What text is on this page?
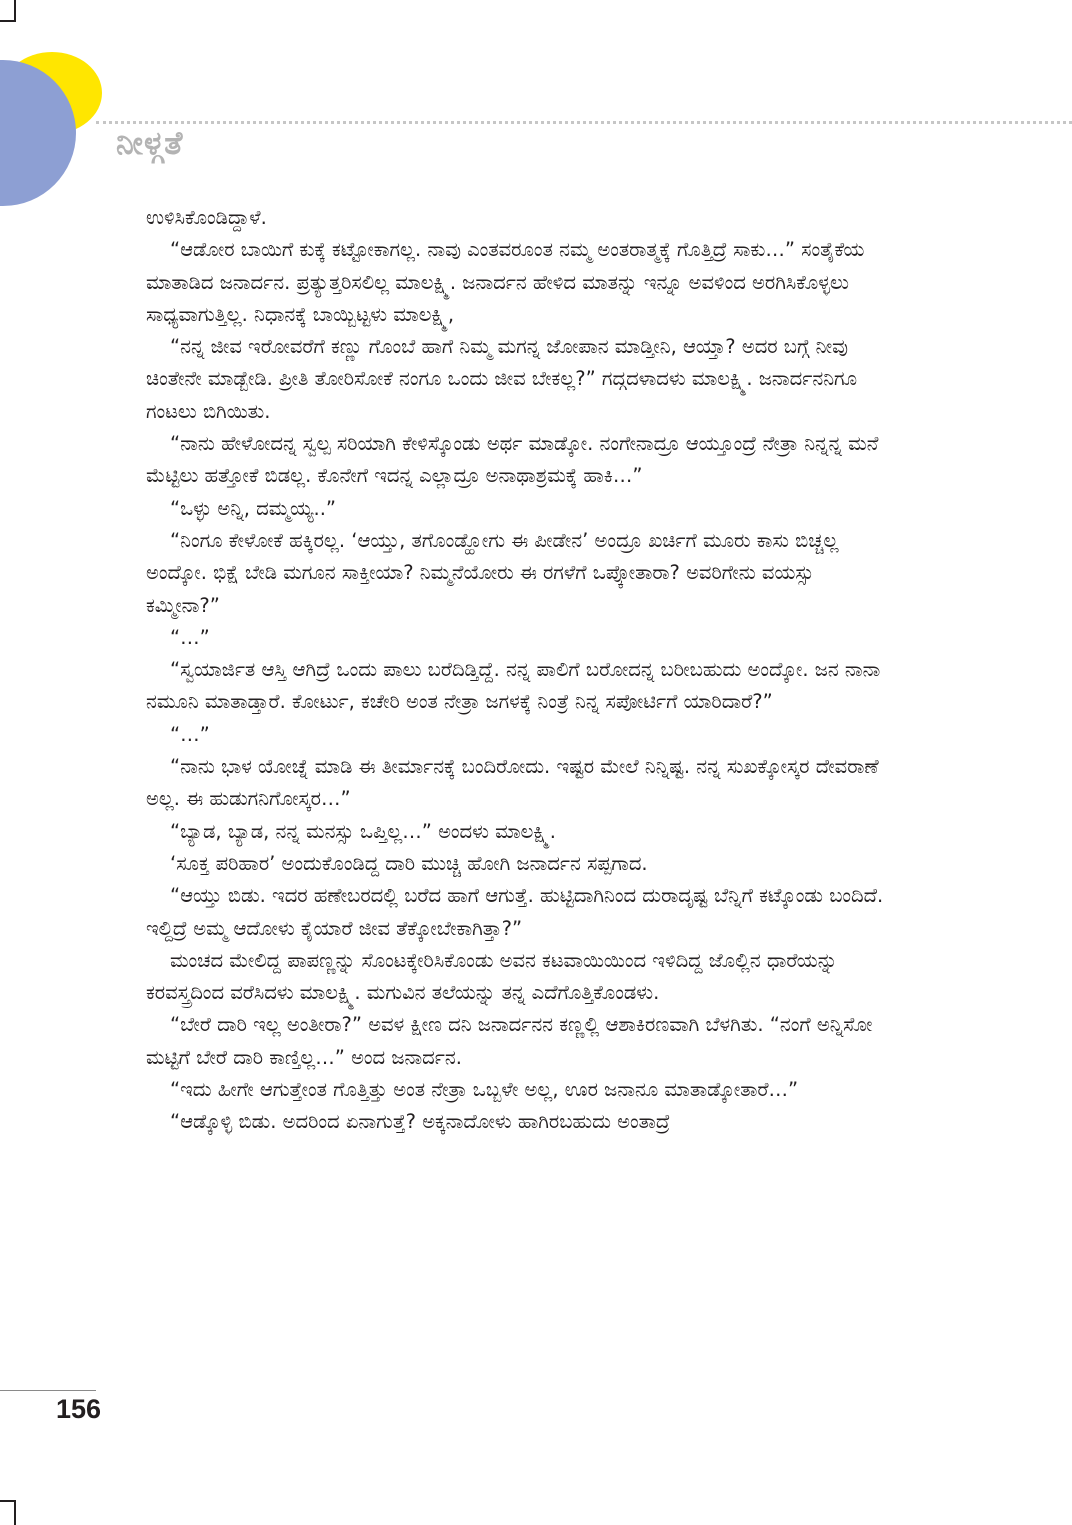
ನೀಳ್ಗತೆ

ಉಳಿಸಿಕೊಂಡಿದ್ದಾಳೆ.

“ಆಡೋರ ಬಾಯಿಗೆ ಕುಕ್ಕೆ ಕಟ್ಟೋಕಾಗಲ್ಲ. ನಾವು ಎಂತವರೂಂತ ನಮ್ಮ ಅಂತರಾತ್ಮಕ್ಕೆ ಗೊತ್ತಿದ್ರೆ ಸಾಕು…” ಸಂತೈಕೆಯ ಮಾತಾಡಿದ ಜನಾರ್ದನ. ಪ್ರತ್ಯುತ್ತರಿಸಲಿಲ್ಲ ಮಾಲಕ್ಷ್ಮಿ. ಜನಾರ್ದನ ಹೇಳಿದ ಮಾತನ್ನು ಇನ್ನೂ ಅವಳಿಂದ ಅರಗಿಸಿಕೊಳ್ಳಲು ಸಾಧ್ಯವಾಗುತ್ತಿಲ್ಲ. ನಿಧಾನಕ್ಕೆ ಬಾಯ್ಬಿಟ್ಟಳು ಮಾಲಕ್ಷ್ಮಿ,

“ನನ್ನ ಜೀವ ಇರೋವರೆಗೆ ಕಣ್ಣು ಗೊಂಬೆ ಹಾಗೆ ನಿಮ್ಮ ಮಗನ್ನ ಜೋಪಾನ ಮಾಡ್ತೀನಿ, ಆಯ್ತಾ? ಅದರ ಬಗ್ಗೆ ನೀವು ಚಿಂತೇನೇ ಮಾಡ್ಬೇಡಿ. ಪ್ರೀತಿ ತೋರಿಸೋಕೆ ನಂಗೂ ಒಂದು ಜೀವ ಬೇಕಲ್ಲ?” ಗದ್ಗದಳಾದಳು ಮಾಲಕ್ಷ್ಮಿ. ಜನಾರ್ದನನಿಗೂ ಗಂಟಲು ಬಿಗಿಯಿತು.

“ನಾನು ಹೇಳೋದನ್ನ ಸ್ವಲ್ಪ ಸರಿಯಾಗಿ ಕೇಳಿಸ್ಕೊಂಡು ಅರ್ಥ ಮಾಡ್ಕೋ. ನಂಗೇನಾದ್ರೂ ಆಯ್ತೂಂದ್ರೆ ನೇತ್ರಾ ನಿನ್ನನ್ನ ಮನೆ ಮೆಟ್ಟಿಲು ಹತ್ತೋಕೆ ಬಿಡಲ್ಲ. ಕೊನೇಗೆ ಇದನ್ನ ಎಲ್ಲಾದ್ರೂ ಅನಾಥಾಶ್ರಮಕ್ಕೆ ಹಾಕಿ…”

“ಒಳ್ಳು ಅನ್ನಿ, ದಮ್ಮಯ್ಯ..”

“ನಿಂಗೂ ಕೇಳೋಕೆ ಹಕ್ಕಿರಲ್ಲ. ‘ಆಯ್ತು, ತಗೊಂಡ್ಹೋಗು ಈ ಪೀಡೇನ’ ಅಂದ್ರೂ ಖರ್ಚಿಗೆ ಮೂರು ಕಾಸು ಬಿಚ್ಚಲ್ಲ ಅಂದ್ಕೋ. ಭಿಕ್ಷೆ ಬೇಡಿ ಮಗೂನ ಸಾಕ್ತೀಯಾ? ನಿಮ್ಮನೆಯೋರು ಈ ರಗಳೆಗೆ ಒಪ್ಕೋತಾರಾ? ಅವರಿಗೇನು ವಯಸ್ಸು ಕಮ್ಮೀನಾ?”

“…”

“ಸ್ವಯಾರ್ಜಿತ ಆಸ್ತಿ ಆಗಿದ್ರೆ ಒಂದು ಪಾಲು ಬರೆದಿಡ್ತಿದ್ದೆ. ನನ್ನ ಪಾಲಿಗೆ ಬರೋದನ್ನ ಬರೀಬಹುದು ಅಂದ್ಕೋ. ಜನ ನಾನಾ ನಮೂನಿ ಮಾತಾಡ್ತಾರೆ. ಕೋರ್ಟು, ಕಚೇರಿ ಅಂತ ನೇತ್ರಾ ಜಗಳಕ್ಕೆ ನಿಂತ್ರೆ ನಿನ್ನ ಸಪೋರ್ಟಿಗೆ ಯಾರಿದಾರೆ?”

“…”

“ನಾನು ಭಾಳ ಯೋಚ್ನೆ ಮಾಡಿ ಈ ತೀರ್ಮಾನಕ್ಕೆ ಬಂದಿರೋದು. ಇಷ್ಟರ ಮೇಲೆ ನಿನ್ನಿಷ್ಟ. ನನ್ನ ಸುಖಕ್ಕೋಸ್ಕರ ದೇವರಾಣೆ ಅಲ್ಲ. ಈ ಹುಡುಗನಿಗೋಸ್ಕರ…”

“ಬ್ಯಾಡ, ಬ್ಯಾಡ, ನನ್ನ ಮನಸ್ಸು ಒಪ್ತಿಲ್ಲ…” ಅಂದಳು ಮಾಲಕ್ಷ್ಮಿ.

‘ಸೂಕ್ತ ಪರಿಹಾರ’ ಅಂದುಕೊಂಡಿದ್ದ ದಾರಿ ಮುಚ್ಚಿ ಹೋಗಿ ಜನಾರ್ದನ ಸಪ್ಪಗಾದ.

“ಆಯ್ತು ಬಿಡು. ಇದರ ಹಣೇಬರದಲ್ಲಿ ಬರೆದ ಹಾಗೆ ಆಗುತ್ತೆ. ಹುಟ್ಟಿದಾಗಿನಿಂದ ದುರಾದೃಷ್ಟ ಬೆನ್ನಿಗೆ ಕಟ್ಕೊಂಡು ಬಂದಿದೆ. ಇಲ್ದಿದ್ರೆ ಅಮ್ಮ ಆದೋಳು ಕೈಯಾರೆ ಜೀವ ತೆಕ್ಕೋಬೇಕಾಗಿತ್ತಾ?”

ಮಂಚದ ಮೇಲಿದ್ದ ಪಾಪಣ್ಣನ್ನು ಸೊಂಟಕ್ಕೇರಿಸಿಕೊಂಡು ಅವನ ಕಟವಾಯಿಯಿಂದ ಇಳಿದಿದ್ದ ಜೊಲ್ಲಿನ ಧಾರೆಯನ್ನು ಕರವಸ್ತ್ರದಿಂದ ವರೆಸಿದಳು ಮಾಲಕ್ಷ್ಮಿ. ಮಗುವಿನ ತಲೆಯನ್ನು ತನ್ನ ಎದೆಗೊತ್ತಿಕೊಂಡಳು.

“ಬೇರೆ ದಾರಿ ಇಲ್ಲ ಅಂತೀರಾ?” ಅವಳ ಕ್ಷೀಣ ದನಿ ಜನಾರ್ದನನ ಕಣ್ಣಲ್ಲಿ ಆಶಾಕಿರಣವಾಗಿ ಬೆಳಗಿತು. “ನಂಗೆ ಅನ್ನಿಸೋ ಮಟ್ಟಿಗೆ ಬೇರೆ ದಾರಿ ಕಾಣ್ತಿಲ್ಲ…” ಅಂದ ಜನಾರ್ದನ.

“ಇದು ಹೀಗೇ ಆಗುತ್ತೇಂತ ಗೊತ್ತಿತ್ತು ಅಂತ ನೇತ್ರಾ ಒಬ್ಬಳೇ ಅಲ್ಲ, ಊರ ಜನಾನೂ ಮಾತಾಡ್ಕೋತಾರೆ…”

“ಆಡ್ಕೊಳ್ಳಿ ಬಿಡು. ಅದರಿಂದ ಏನಾಗುತ್ತೆ? ಅಕ್ಕನಾದೋಳು ಹಾಗಿರಬಹುದು ಅಂತಾದ್ರೆ

156
